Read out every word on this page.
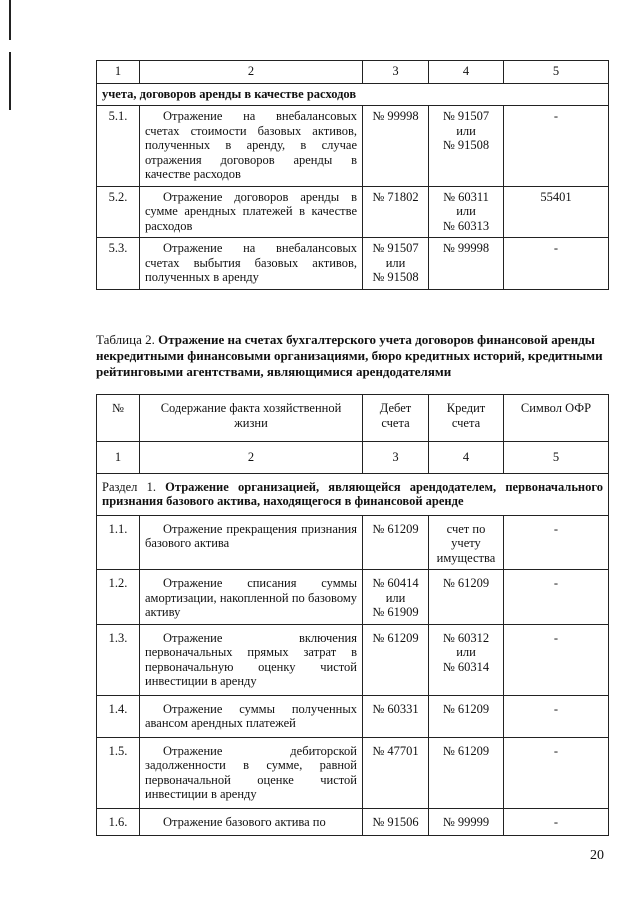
1	2	3	4	5
учета, договоров аренды в качестве расходов				
5.1.	Отражение на внебалансовых счетах стоимости базовых активов, полученных в аренду, в случае отражения договоров аренды в качестве расходов	№ 99998	№ 91507
или
№ 91508	-
5.2.	Отражение договоров аренды в сумме арендных платежей в качестве расходов	№ 71802	№ 60311
или
№ 60313	55401
5.3.	Отражение на внебалансовых счетах выбытия базовых активов, полученных в аренду	№ 91507
или
№ 91508	№ 99998	-
Таблица 2. Отражение на счетах бухгалтерского учета договоров финансовой аренды некредитными финансовыми организациями, бюро кредитных историй, кредитными рейтинговыми агентствами, являющимися арендодателями
№	Содержание факта хозяйственной жизни	Дебет счета	Кредит счета	Символ ОФР
1	2	3	4	5
Раздел 1. Отражение организацией, являющейся арендодателем, первоначального признания базового актива, находящегося в финансовой аренде				
1.1.	Отражение прекращения признания базового актива	№ 61209	счет по
учету
имущества	-
1.2.	Отражение списания суммы амортизации, накопленной по базовому активу	№ 60414
или
№ 61909	№ 61209	-
1.3.	Отражение включения первоначальных прямых затрат в первоначальную оценку чистой инвестиции в аренду	№ 61209	№ 60312
или
№ 60314	-
1.4.	Отражение суммы полученных авансом арендных платежей	№ 60331	№ 61209	-
1.5.	Отражение дебиторской задолженности в сумме, равной первоначальной оценке чистой инвестиции в аренду	№ 47701	№ 61209	-
1.6.	Отражение базового актива по	№ 91506	№ 99999	-
20
